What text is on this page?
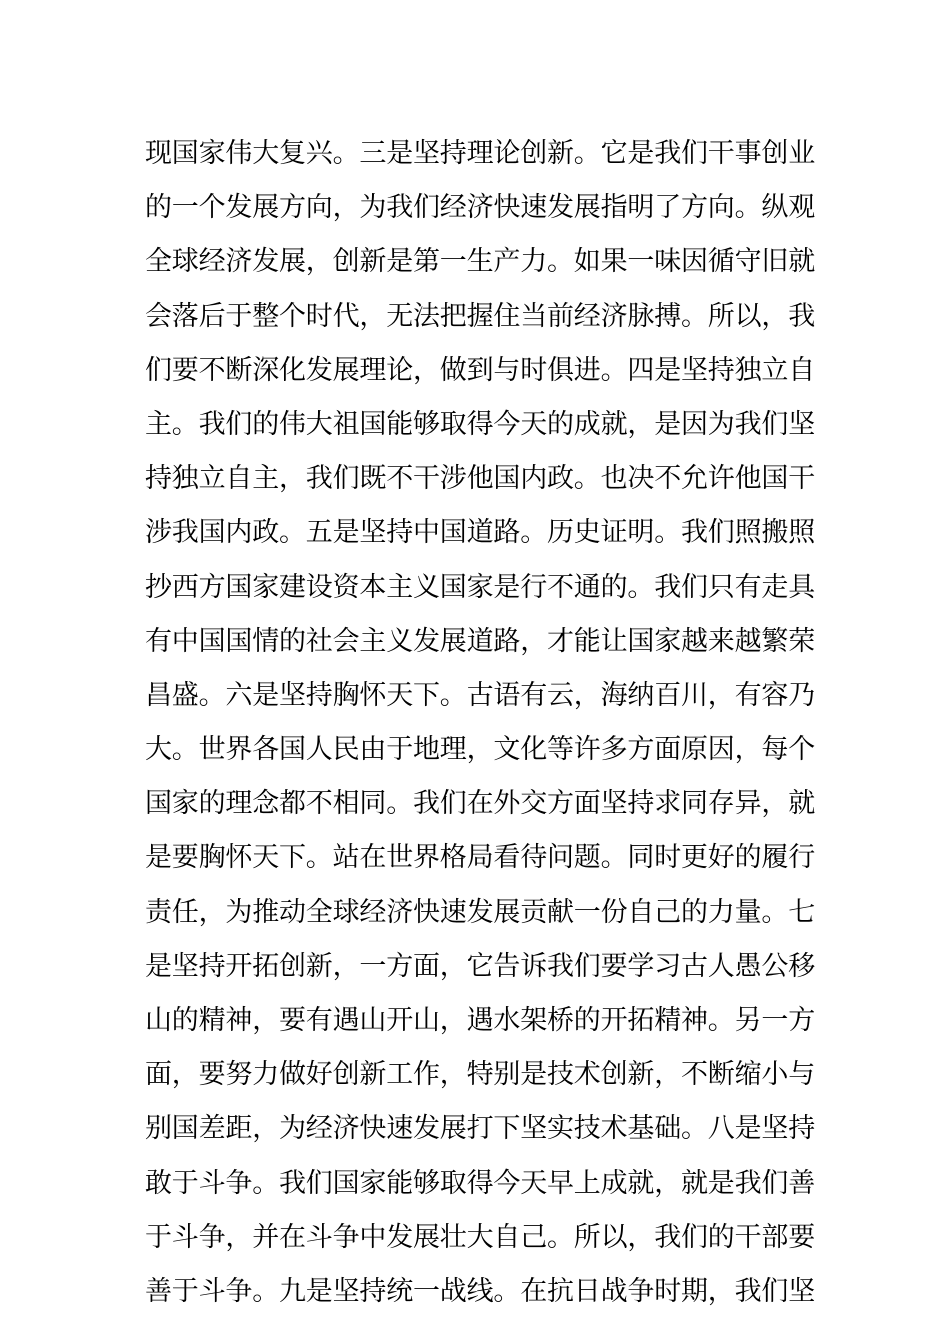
现国家伟大复兴。三是坚持理论创新。它是我们干事创业
的一个发展方向，为我们经济快速发展指明了方向。纵观
全球经济发展，创新是第一生产力。如果一味因循守旧就
会落后于整个时代，无法把握住当前经济脉搏。所以，我
们要不断深化发展理论，做到与时俱进。四是坚持独立自
主。我们的伟大祖国能够取得今天的成就，是因为我们坚
持独立自主，我们既不干涉他国内政。也决不允许他国干
涉我国内政。五是坚持中国道路。历史证明。我们照搬照
抄西方国家建设资本主义国家是行不通的。我们只有走具
有中国国情的社会主义发展道路，才能让国家越来越繁荣
昌盛。六是坚持胸怀天下。古语有云，海纳百川，有容乃
大。世界各国人民由于地理，文化等许多方面原因，每个
国家的理念都不相同。我们在外交方面坚持求同存异，就
是要胸怀天下。站在世界格局看待问题。同时更好的履行
责任，为推动全球经济快速发展贡献一份自己的力量。七
是坚持开拓创新，一方面，它告诉我们要学习古人愚公移
山的精神，要有遇山开山，遇水架桥的开拓精神。另一方
面，要努力做好创新工作，特别是技术创新，不断缩小与
别国差距，为经济快速发展打下坚实技术基础。八是坚持
敢于斗争。我们国家能够取得今天早上成就，就是我们善
于斗争，并在斗争中发展壮大自己。所以，我们的干部要
善于斗争。九是坚持统一战线。在抗日战争时期，我们坚
